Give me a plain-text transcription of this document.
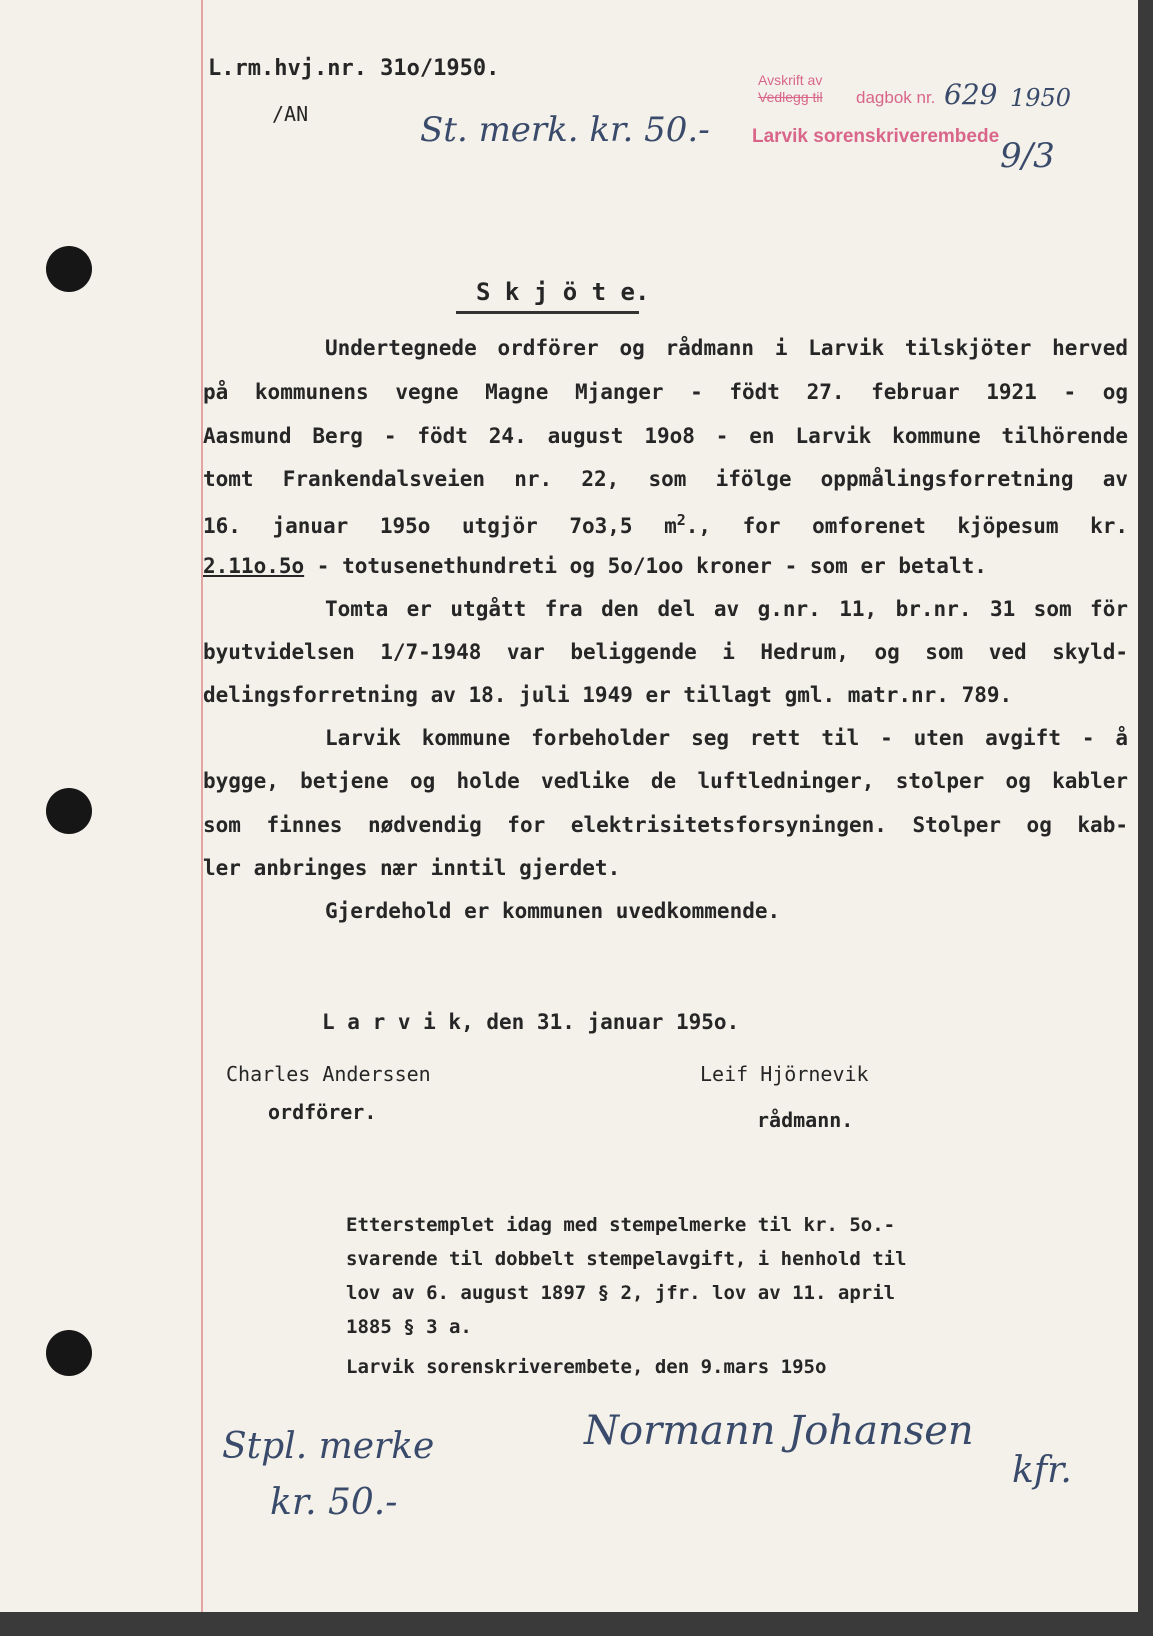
L.rm.hvj.nr. 31o/1950.
/AN	St. merk. kr. 50.-
Avskrift av
Vedlegg til dagbok nr. 629 1950
Larvik sorenskriverembede 9/3
S k j ö t e.
Undertegnede ordförer og rådmann i Larvik tilskjöter herved
på kommunens vegne Magne Mjanger - födt 27. februar 1921 - og
Aasmund Berg - födt 24. august 19o8 - en Larvik kommune tilhörende
tomt Frankendalsveien nr. 22, som ifölge oppmålingsforretning av
16. januar 195o utgjör 7o3,5 $m^2$., for omforenet kjöpesum kr.
2.11o.5o - totusenethundreti og 5o/1oo kroner - som er betalt.
Tomta er utgått fra den del av g.nr. 11, br.nr. 31 som för
byutvidelsen 1/7-1948 var beliggende i Hedrum, og som ved skyld-
delingsforretning av 18. juli 1949 er tillagt gml. matr.nr. 789.
Larvik kommune forbeholder seg rett til - uten avgift - å
bygge, betjene og holde vedlike de luftledninger, stolper og kabler
som finnes nødvendig for elektrisitetsforsyningen. Stolper og kab-
ler anbringes nær inntil gjerdet.
Gjerdehold er kommunen uvedkommende.
L a r v i k, den 31. januar 195o.
Charles Anderssen
ordförer.
Leif Hjörnevik
rådmann.
Etterstemplet idag med stempelmerke til kr. 5o.-
svarende til dobbelt stempelavgift, i henhold til
lov av 6. august 1897 § 2, jfr. lov av 11. april
1885 § 3 a.
Larvik sorenskriverembete, den 9.mars 195o
Stpl. merke
kr. 50.-
Normann Johansen
kfr.
